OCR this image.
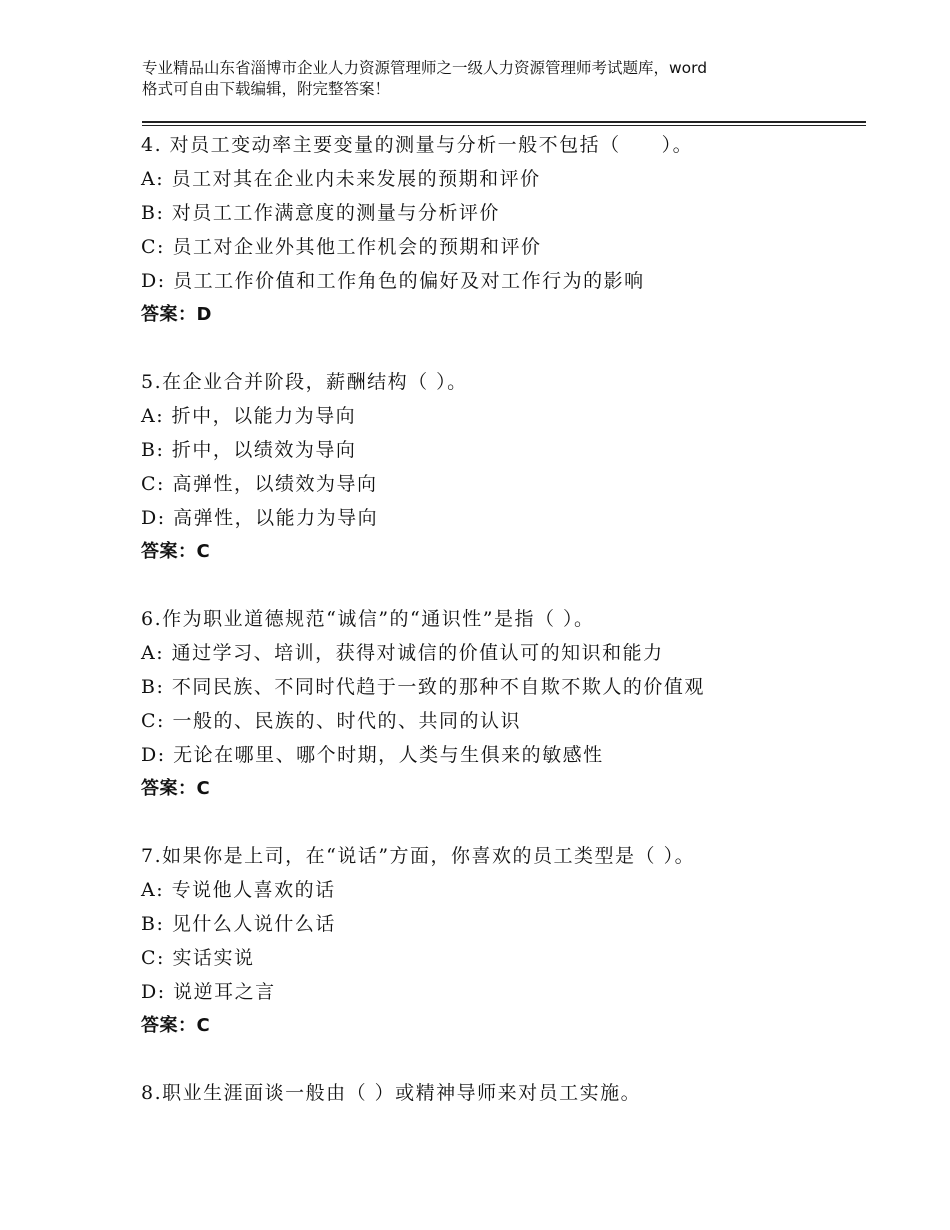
专业精品山东省淄博市企业人力资源管理师之一级人力资源管理师考试题库，word
格式可自由下载编辑，附完整答案！
4. 对员工变动率主要变量的测量与分析一般不包括（　　）。
A: 员工对其在企业内未来发展的预期和评价
B: 对员工工作满意度的测量与分析评价
C: 员工对企业外其他工作机会的预期和评价
D: 员工工作价值和工作角色的偏好及对工作行为的影响
答案：D
5.在企业合并阶段，薪酬结构（ ）。
A: 折中，以能力为导向
B: 折中，以绩效为导向
C: 高弹性，以绩效为导向
D: 高弹性，以能力为导向
答案：C
6.作为职业道德规范“诚信”的“通识性”是指（ ）。
A: 通过学习、培训，获得对诚信的价值认可的知识和能力
B: 不同民族、不同时代趋于一致的那种不自欺不欺人的价值观
C: 一般的、民族的、时代的、共同的认识
D: 无论在哪里、哪个时期，人类与生俱来的敏感性
答案：C
7.如果你是上司，在“说话”方面，你喜欢的员工类型是（ ）。
A: 专说他人喜欢的话
B: 见什么人说什么话
C: 实话实说
D: 说逆耳之言
答案：C
8.职业生涯面谈一般由（ ）或精神导师来对员工实施。
